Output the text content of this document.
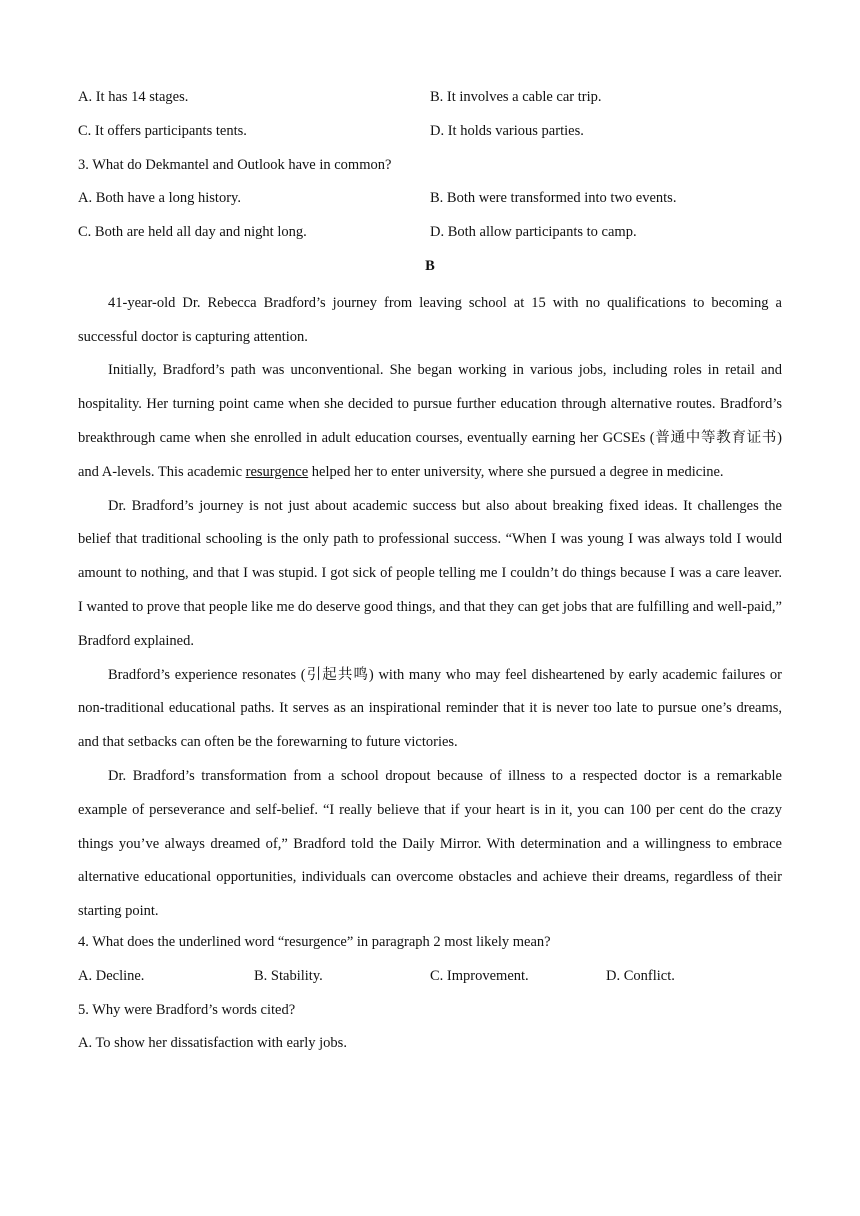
A. It has 14 stages.	B. It involves a cable car trip.
C. It offers participants tents.	D. It holds various parties.
3. What do Dekmantel and Outlook have in common?
A. Both have a long history.	B. Both were transformed into two events.
C. Both are held all day and night long.	D. Both allow participants to camp.
B
41-year-old Dr. Rebecca Bradford’s journey from leaving school at 15 with no qualifications to becoming a successful doctor is capturing attention.
Initially, Bradford’s path was unconventional. She began working in various jobs, including roles in retail and hospitality. Her turning point came when she decided to pursue further education through alternative routes. Bradford’s breakthrough came when she enrolled in adult education courses, eventually earning her GCSEs (普通中等教育证书) and A-levels. This academic resurgence helped her to enter university, where she pursued a degree in medicine.
Dr. Bradford’s journey is not just about academic success but also about breaking fixed ideas. It challenges the belief that traditional schooling is the only path to professional success. “When I was young I was always told I would amount to nothing, and that I was stupid. I got sick of people telling me I couldn’t do things because I was a care leaver. I wanted to prove that people like me do deserve good things, and that they can get jobs that are fulfilling and well-paid,” Bradford explained.
Bradford’s experience resonates (引起共鸣) with many who may feel disheartened by early academic failures or non-traditional educational paths. It serves as an inspirational reminder that it is never too late to pursue one’s dreams, and that setbacks can often be the forewarning to future victories.
Dr. Bradford’s transformation from a school dropout because of illness to a respected doctor is a remarkable example of perseverance and self-belief. “I really believe that if your heart is in it, you can 100 per cent do the crazy things you’ve always dreamed of,” Bradford told the Daily Mirror. With determination and a willingness to embrace alternative educational opportunities, individuals can overcome obstacles and achieve their dreams, regardless of their starting point.
4. What does the underlined word “resurgence” in paragraph 2 most likely mean?
A. Decline.	B. Stability.	C. Improvement.	D. Conflict.
5. Why were Bradford’s words cited?
A. To show her dissatisfaction with early jobs.
